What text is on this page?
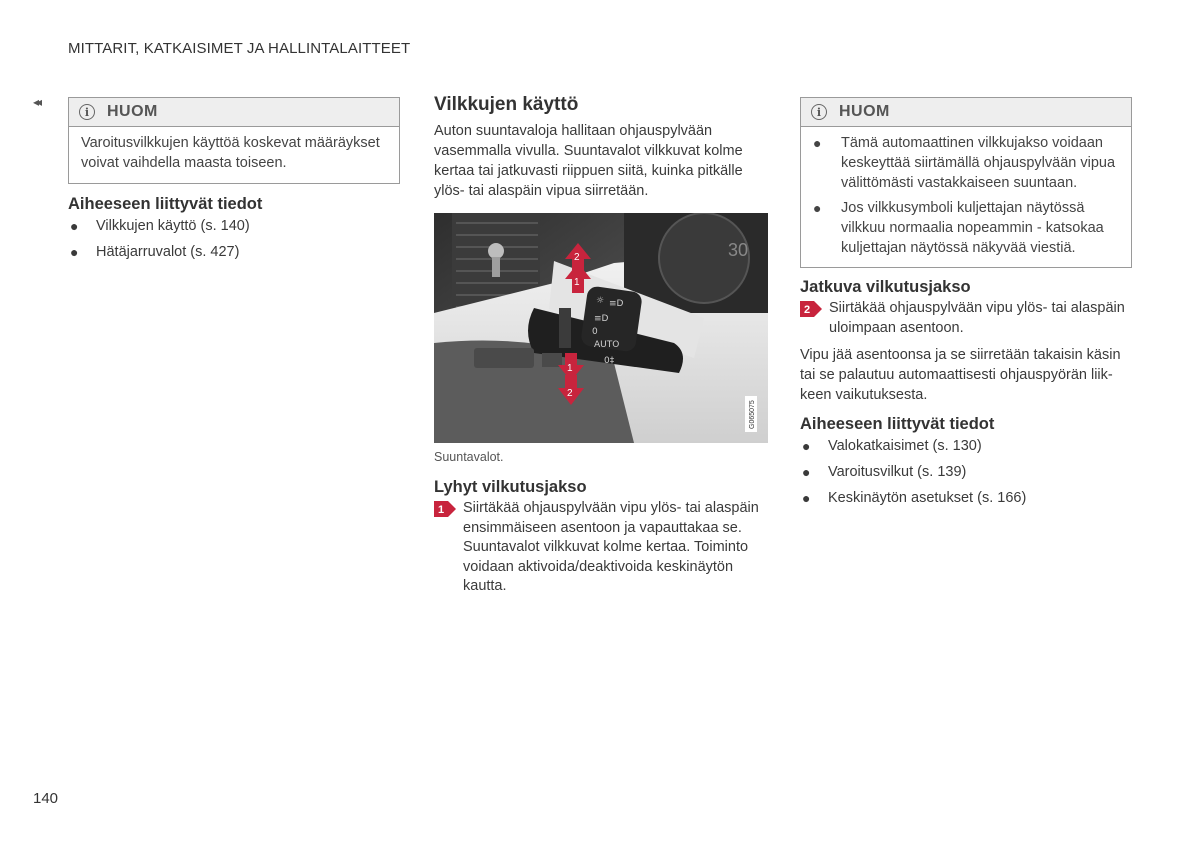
MITTARIT, KATKAISIMET JA HALLINTALAITTEET
◂◂
i	HUOM
Varoitusvilkkujen käyttöä koskevat määräykset voivat vaihdella maasta toiseen.
Aiheeseen liittyvät tiedot
● Vilkkujen käyttö (s. 140)
● Hätäjarruvalot (s. 427)
Vilkkujen käyttö

Auton suuntavaloja hallitaan ohjauspylvään vasemmalla vivulla. Suuntavalot vilkkuvat kolme kertaa tai jatkuvasti riippuen siitä, kuinka pitkälle ylös- tai alaspäin vipua siirretään.

30
☼ ≡D
≡D
0
AUTO
0‡
2
1
1
2
G065075
Suuntavalot.
Lyhyt vilkutusjakso
1 Siirtäkää ohjauspylvään vipu ylös- tai alaspäin ensimmäiseen asentoon ja vapauttakaa se. Suuntavalot vilkkuvat kolme kertaa. Toiminto voidaan aktivoida/deaktivoida keskinäytön kautta.
i	HUOM
● Tämä automaattinen vilkkujakso voidaan keskeyttää siirtämällä ohjauspylvään vipua välittömästi vastakkaiseen suuntaan.
● Jos vilkkusymboli kuljettajan näytössä vilkkuu normaalia nopeammin - katsokaa kuljettajan näytössä näkyvää viestiä.
Jatkuva vilkutusjakso
2 Siirtäkää ohjauspylvään vipu ylös- tai alaspäin uloimpaan asentoon.

Vipu jää asentoonsa ja se siirretään takaisin käsin tai se palautuu automaattisesti ohjauspyörän liikkeen vaikutuksesta.

Aiheeseen liittyvät tiedot
● Valokatkaisimet (s. 130)
● Varoitusvilkut (s. 139)
● Keskinäytön asetukset (s. 166)
140
